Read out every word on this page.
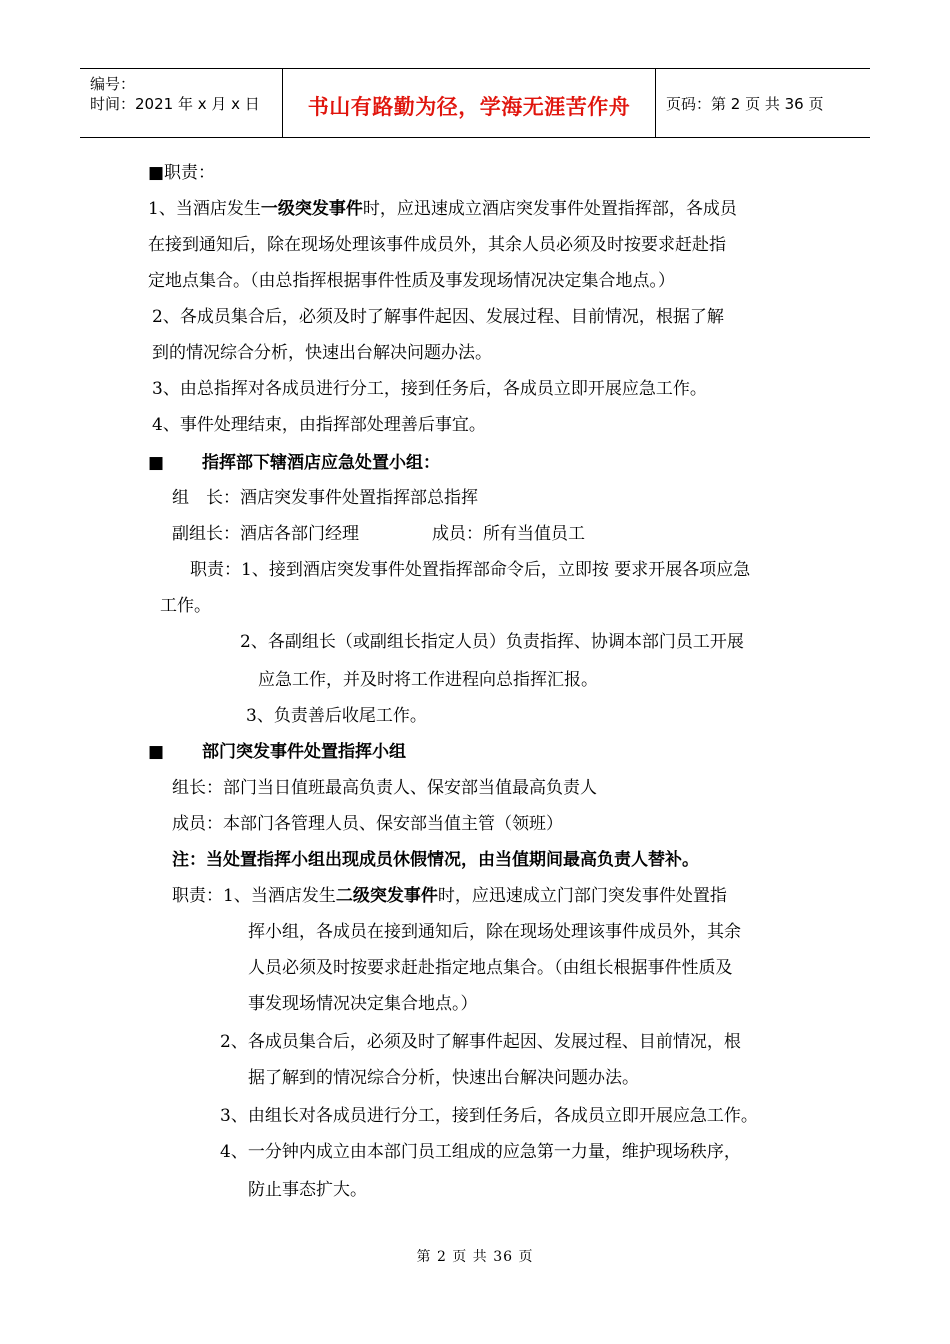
编号：
时间：2021 年 x 月 x 日	书山有路勤为径，学海无涯苦作舟	页码：第 2 页 共 36 页
■职责：
1、当酒店发生一级突发事件时，应迅速成立酒店突发事件处置指挥部，各成员
在接到通知后，除在现场处理该事件成员外，其余人员必须及时按要求赶赴指
定地点集合。（由总指挥根据事件性质及事发现场情况决定集合地点。）
2、各成员集合后，必须及时了解事件起因、发展过程、目前情况，根据了解
到的情况综合分析，快速出台解决问题办法。
3、由总指挥对各成员进行分工，接到任务后，各成员立即开展应急工作。
4、事件处理结束，由指挥部处理善后事宜。
■ 指挥部下辖酒店应急处置小组：
组　长：酒店突发事件处置指挥部总指挥
副组长：酒店各部门经理	成员：所有当值员工
职责：1、接到酒店突发事件处置指挥部命令后，立即按 要求开展各项应急
工作。
2、各副组长（或副组长指定人员）负责指挥、协调本部门员工开展
应急工作，并及时将工作进程向总指挥汇报。
3、负责善后收尾工作。
■ 部门突发事件处置指挥小组
组长：部门当日值班最高负责人、保安部当值最高负责人
成员：本部门各管理人员、保安部当值主管（领班）
注：当处置指挥小组出现成员休假情况，由当值期间最高负责人替补。
职责：1、当酒店发生二级突发事件时，应迅速成立门部门突发事件处置指
挥小组，各成员在接到通知后，除在现场处理该事件成员外，其余
人员必须及时按要求赶赴指定地点集合。（由组长根据事件性质及
事发现场情况决定集合地点。）
2、各成员集合后，必须及时了解事件起因、发展过程、目前情况，根
据了解到的情况综合分析，快速出台解决问题办法。
3、由组长对各成员进行分工，接到任务后，各成员立即开展应急工作。
4、一分钟内成立由本部门员工组成的应急第一力量，维护现场秩序，
防止事态扩大。
第 2 页 共 36 页
